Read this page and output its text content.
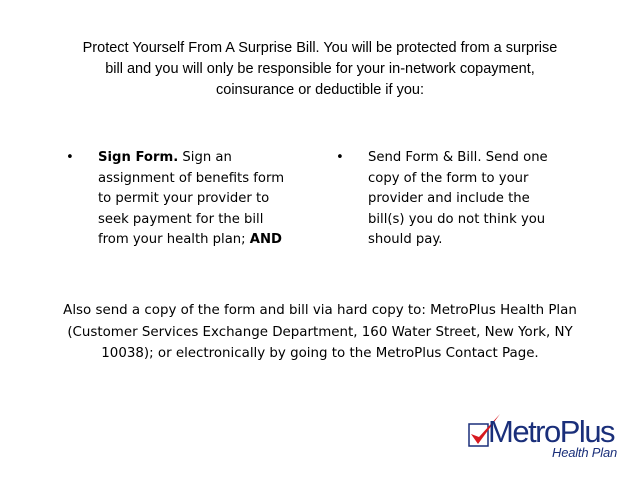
Protect Yourself From A Surprise Bill. You will be protected from a surprise
bill and you will only be responsible for your in-network copayment,
coinsurance or deductible if you:
•	Sign Form. Sign an
assignment of benefits form
to permit your provider to
seek payment for the bill
from your health plan; AND
•	Send Form & Bill. Send one
copy of the form to your
provider and include the
bill(s) you do not think you
should pay.
Also send a copy of the form and bill via hard copy to: MetroPlus Health Plan
(Customer Services Exchange Department, 160 Water Street, New York, NY
10038); or electronically by going to the MetroPlus Contact Page.
MetroPlus
Health Plan
